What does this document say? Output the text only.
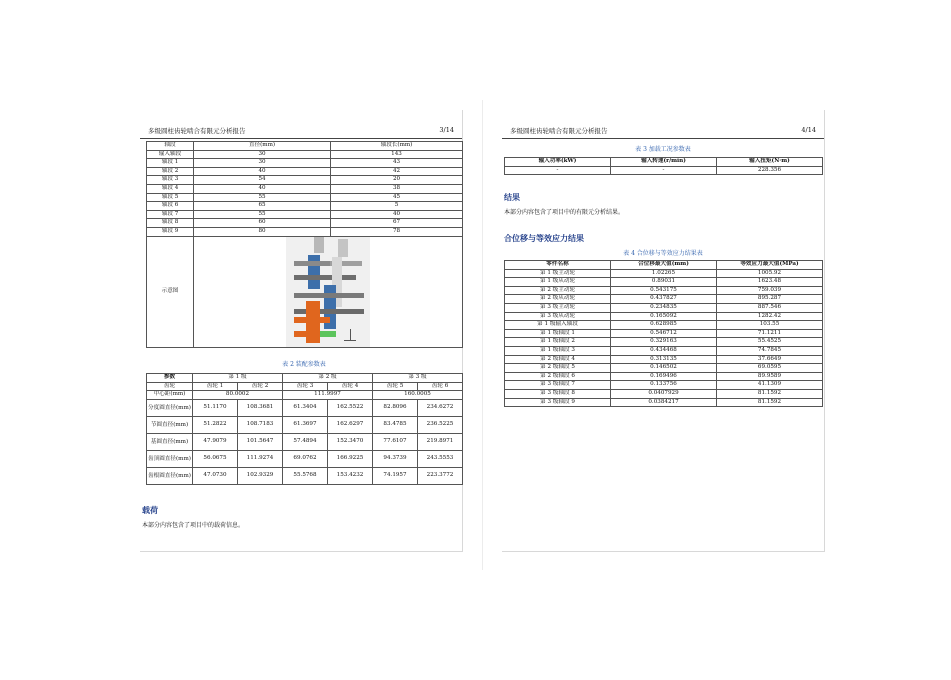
多级圆柱齿轮啮合有限元分析报告	3/14
轴段	直径(mm)	轴段长(mm)
输入轴段	30	143
轴段 1	30	43
轴段 2	40	42
轴段 3	54	20
轴段 4	40	38
轴段 5	55	45
轴段 6	65	5
轴段 7	55	40
轴段 8	60	67
轴段 9	80	78
示意图		
表 2 装配参数表
参数	第 1 级		第 2 级		第 3 级	
齿轮	齿轮 1	齿轮 2	齿轮 3	齿轮 4	齿轮 5	齿轮 6
中心距(mm)	80.0002		111.9997		160.0005	
分度圆直径(mm)	51.1170	108.3681	61.3404	162.5522	82.8096	234.6272
节圆直径(mm)	51.2822	108.7183	61.3697	162.6297	83.4785	236.5225
基圆直径(mm)	47.9079	101.5647	57.4894	152.3470	77.6107	219.8971
齿顶圆直径(mm)	56.0675	111.9274	69.0762	166.9225	94.3739	243.5553
齿根圆直径(mm)	47.0730	102.9329	55.5768	153.4232	74.1957	223.3772
载荷
本部分内容包含了项目中的载荷信息。
多级圆柱齿轮啮合有限元分析报告	4/14
表 3 加载工况参数表
输入功率(kW)	输入转速(r/min)	输入扭矩(N·m)
-	-	228.356
结果
本部分内容包含了项目中的有限元分析结果。
合位移与等效应力结果
表 4 合位移与等效应力结果表
零件名称	合位移最大值(mm)	等效应力最大值(MPa)
第 1 级主动轮	1.02265	1005.92
第 1 级从动轮	0.89031	1623.48
第 2 级主动轮	0.543175	759.039
第 2 级从动轮	0.437827	895.287
第 3 级主动轮	0.234835	887.546
第 3 级从动轮	0.165092	1282.42
第 1 级输入轴段	0.628985	103.55
第 1 级轴段 1	0.546712	71.1211
第 1 级轴段 2	0.329163	55.4525
第 1 级轴段 3	0.434468	74.7845
第 2 级轴段 4	0.313135	37.6649
第 2 级轴段 5	0.146502	69.0595
第 2 级轴段 6	0.169496	89.9589
第 3 级轴段 7	0.133756	41.1309
第 3 级轴段 8	0.0407929	81.1592
第 3 级轴段 9	0.0384217	81.1592
